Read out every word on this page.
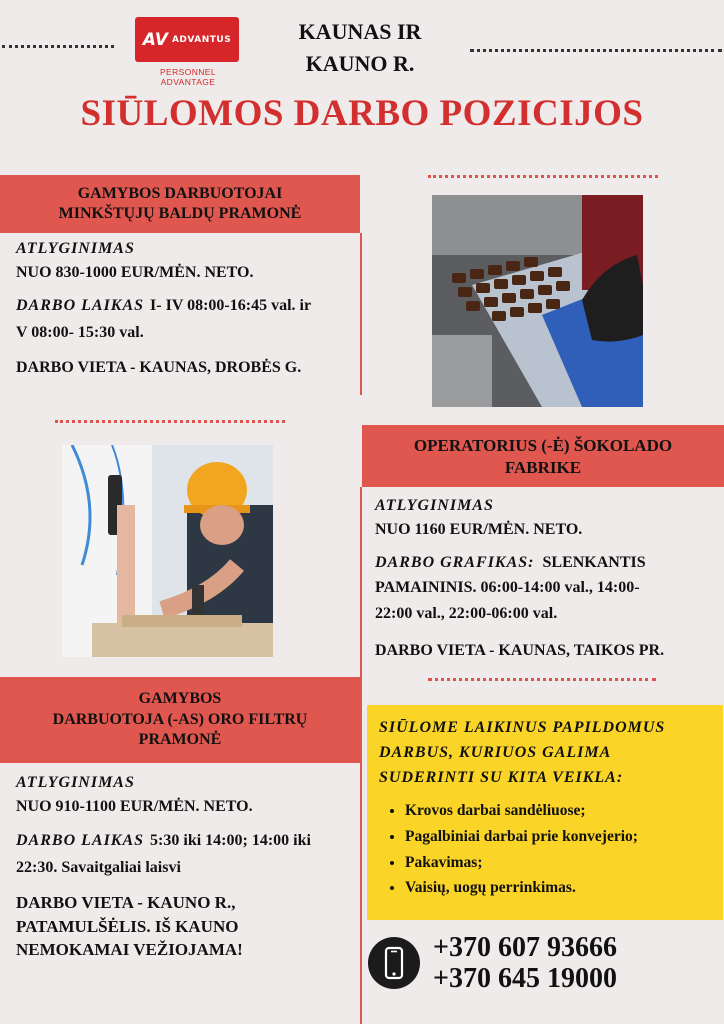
AV ADVANTUS
PERSONNEL ADVANTAGE
KAUNAS IR
KAUNO R.
SIŪLOMOS DARBO POZICIJOS
GAMYBOS DARBUOTOJAI
MINKŠTŲJŲ BALDŲ PRAMONĖ
ATLYGINIMAS
NUO 830-1000 EUR/MĖN. NETO.
DARBO LAIKAS I- IV 08:00-16:45 val. ir
V 08:00- 15:30 val.
DARBO VIETA - KAUNAS, DROBĖS G.
OPERATORIUS (-Ė) ŠOKOLADO
FABRIKE
ATLYGINIMAS
NUO 1160 EUR/MĖN. NETO.
DARBO GRAFIKAS: SLENKANTIS
PAMAININIS. 06:00-14:00 val., 14:00-
22:00 val., 22:00-06:00 val.
DARBO VIETA - KAUNAS, TAIKOS PR.
GAMYBOS
DARBUOTOJA (-AS) ORO FILTRŲ
PRAMONĖ
ATLYGINIMAS
NUO 910-1100 EUR/MĖN. NETO.
DARBO LAIKAS 5:30 iki 14:00; 14:00 iki
22:30. Savaitgaliai laisvi
DARBO VIETA - KAUNO R.,
PATAMULŠĖLIS. IŠ KAUNO
NEMOKAMAI VEŽIOJAMA!
SIŪLOME LAIKINUS PAPILDOMUS
DARBUS, KURIUOS GALIMA
SUDERINTI SU KITA VEIKLA:
• Krovos darbai sandėliuose;
• Pagalbiniai darbai prie konvejerio;
• Pakavimas;
• Vaisių, uogų perrinkimas.
+370 607 93666
+370 645 19000
